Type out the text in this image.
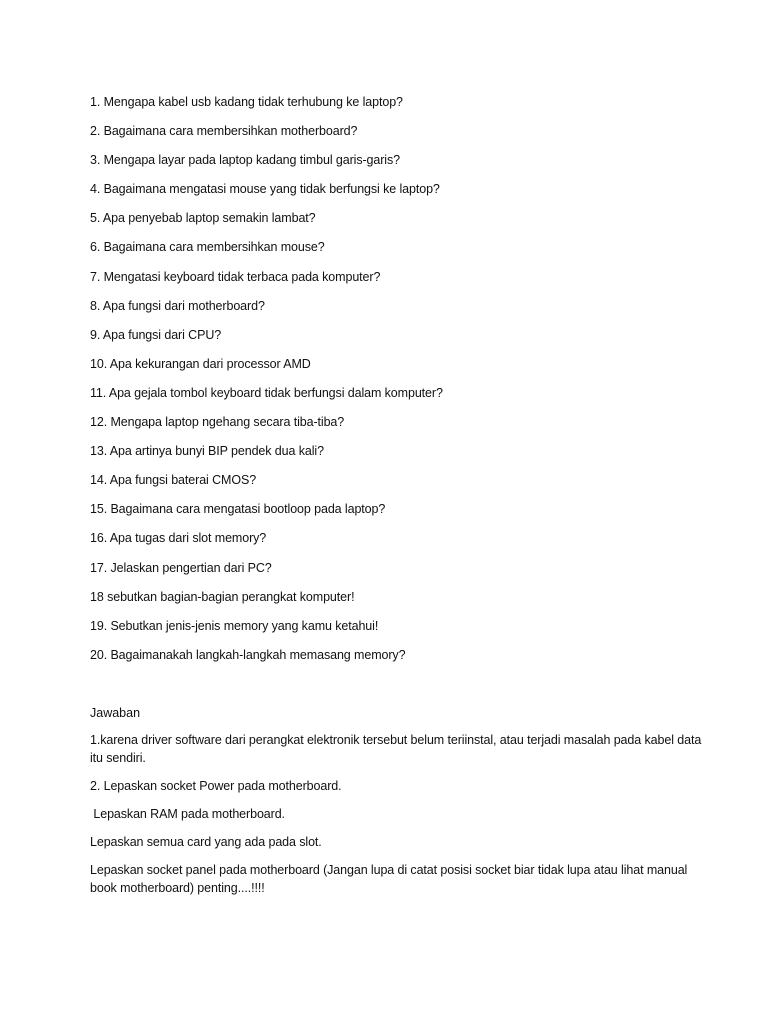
1. Mengapa kabel usb kadang tidak terhubung ke laptop?
2. Bagaimana cara membersihkan motherboard?
3. Mengapa layar pada laptop kadang timbul garis-garis?
4. Bagaimana mengatasi mouse yang tidak berfungsi ke laptop?
5. Apa penyebab laptop semakin lambat?
6. Bagaimana cara membersihkan mouse?
7. Mengatasi keyboard tidak terbaca pada komputer?
8. Apa fungsi dari motherboard?
9. Apa fungsi dari CPU?
10. Apa kekurangan dari processor AMD
11. Apa gejala tombol keyboard tidak berfungsi dalam komputer?
12. Mengapa laptop ngehang secara tiba-tiba?
13. Apa artinya bunyi BIP pendek dua kali?
14. Apa fungsi baterai CMOS?
15. Bagaimana cara mengatasi bootloop pada laptop?
16. Apa tugas dari slot memory?
17. Jelaskan pengertian dari PC?
18 sebutkan bagian-bagian perangkat komputer!
19. Sebutkan jenis-jenis memory yang kamu ketahui!
20. Bagaimanakah langkah-langkah memasang memory?
Jawaban

1.karena driver software dari perangkat elektronik tersebut belum teriinstal, atau terjadi masalah pada kabel data itu sendiri.

2. Lepaskan socket Power pada motherboard.

Lepaskan RAM pada motherboard.

Lepaskan semua card yang ada pada slot.

Lepaskan socket panel pada motherboard (Jangan lupa di catat posisi socket biar tidak lupa atau lihat manual book motherboard) penting....!!!!
